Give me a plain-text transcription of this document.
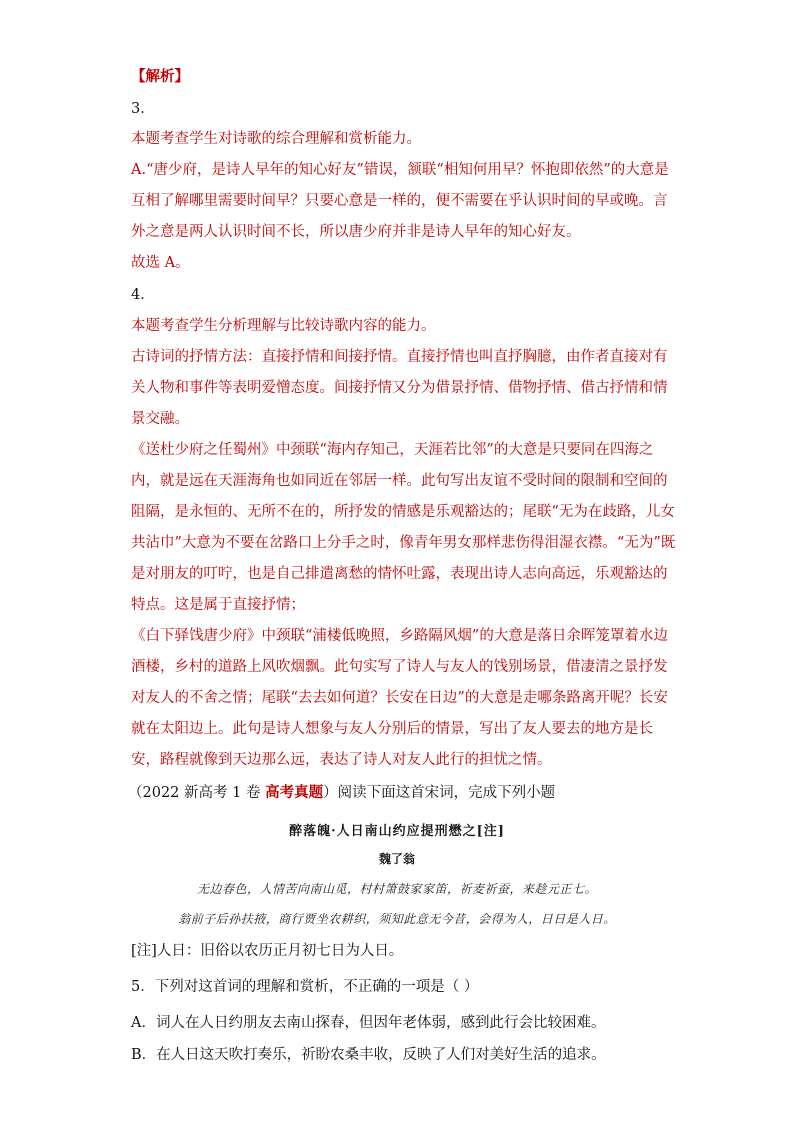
【解析】
3．
本题考查学生对诗歌的综合理解和赏析能力。
A.“唐少府，是诗人早年的知心好友”错误，颔联“相知何用早？怀抱即依然”的大意是
互相了解哪里需要时间早？只要心意是一样的，便不需要在乎认识时间的早或晚。言
外之意是两人认识时间不长，所以唐少府并非是诗人早年的知心好友。
故选 A。
4．
本题考查学生分析理解与比较诗歌内容的能力。
古诗词的抒情方法：直接抒情和间接抒情。直接抒情也叫直抒胸臆，由作者直接对有
关人物和事件等表明爱憎态度。间接抒情又分为借景抒情、借物抒情、借古抒情和情
景交融。
《送杜少府之任蜀州》中颈联“海内存知己，天涯若比邻”的大意是只要同在四海之
内，就是远在天涯海角也如同近在邻居一样。此句写出友谊不受时间的限制和空间的
阻隔，是永恒的、无所不在的，所抒发的情感是乐观豁达的；尾联“无为在歧路，儿女
共沾巾”大意为不要在岔路口上分手之时，像青年男女那样悲伤得泪湿衣襟。“无为”既
是对朋友的叮咛，也是自己排遣离愁的情怀吐露，表现出诗人志向高远，乐观豁达的
特点。这是属于直接抒情；
《白下驿饯唐少府》中颈联“浦楼低晚照，乡路隔风烟”的大意是落日余晖笼罩着水边
酒楼，乡村的道路上风吹烟飘。此句实写了诗人与友人的饯别场景，借凄清之景抒发
对友人的不舍之情；尾联“去去如何道？长安在日边”的大意是走哪条路离开呢？长安
就在太阳边上。此句是诗人想象与友人分别后的情景，写出了友人要去的地方是长
安，路程就像到天边那么远，表达了诗人对友人此行的担忧之情。
（2022 新高考 1 卷 高考真题）阅读下面这首宋词，完成下列小题
醉落魄·人日南山约应提刑懋之[注]
魏了翁
无边春色，人情苦向南山觅，村村箫鼓家家笛，祈麦祈蚕，来趁元正七。
翁前子后孙扶掖，商行贾坐农耕织，须知此意无今昔，会得为人，日日是人日。
[注]人日：旧俗以农历正月初七日为人日。
5．下列对这首词的理解和赏析，不正确的一项是（ ）
A．词人在人日约朋友去南山探春，但因年老体弱，感到此行会比较困难。
B．在人日这天吹打奏乐，祈盼农桑丰收，反映了人们对美好生活的追求。
